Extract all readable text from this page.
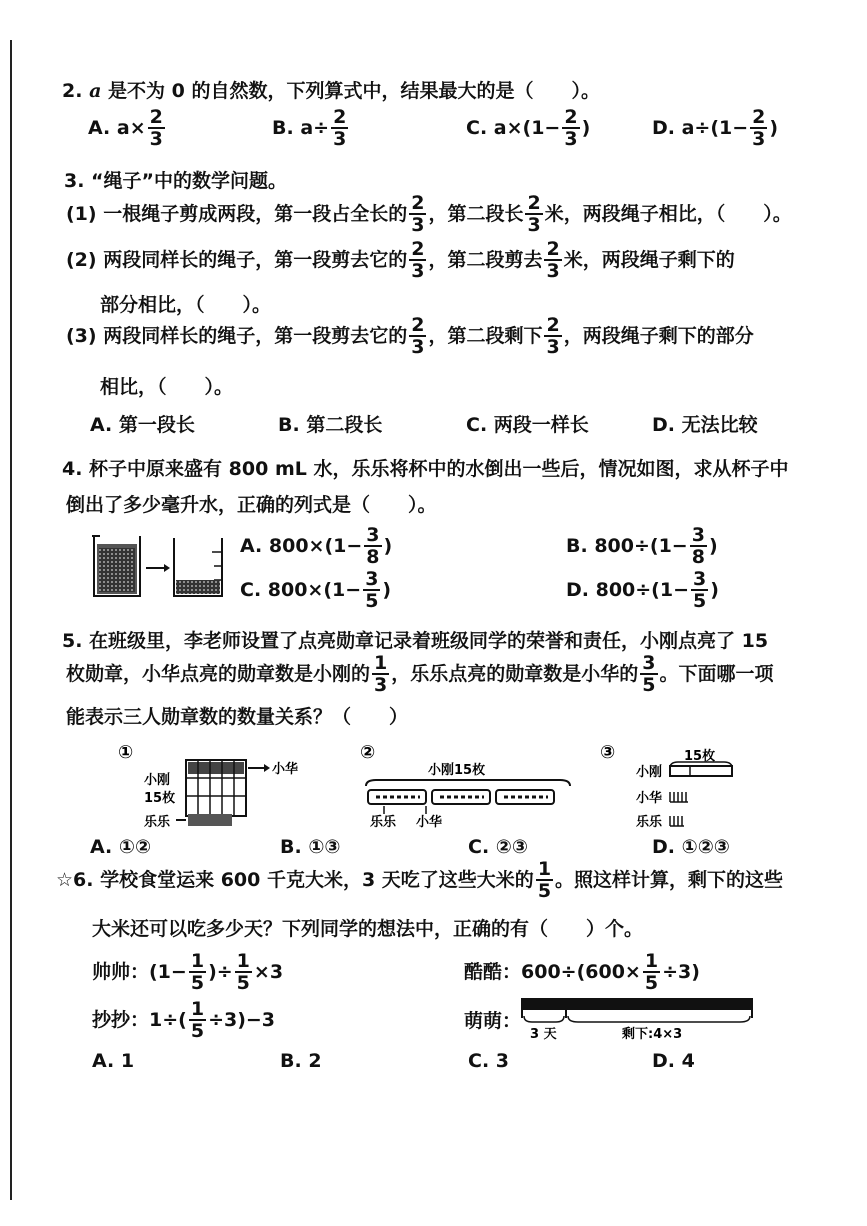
2. a 是不为 0 的自然数，下列算式中，结果最大的是（　　）。
A. $a\times \frac{2}{3}$	B. $a\div \frac{2}{3}$	C. $a\times(1- \frac{2}{3}$ )	D. $a\div(1- \frac{2}{3}$ )
3. “绳子”中的数学问题。
(1) 一根绳子剪成两段，第一段占全长的 $\frac{2}{3}$ ，第二段长 $\frac{2}{3}$ 米，两段绳子相比，（　　）。
(2) 两段同样长的绳子，第一段剪去它的 $\frac{2}{3}$ ，第二段剪去 $\frac{2}{3}$ 米，两段绳子剩下的
部分相比，（　　）。
(3) 两段同样长的绳子，第一段剪去它的 $\frac{2}{3}$ ，第二段剩下 $\frac{2}{3}$ ，两段绳子剩下的部分
相比，（　　）。
A. 第一段长	B. 第二段长	C. 两段一样长	D. 无法比较
4. 杯子中原来盛有 800 mL 水，乐乐将杯中的水倒出一些后，情况如图，求从杯子中
倒出了多少毫升水，正确的列式是（　　）。
A. $800\times(1- \frac{3}{8}$ )	B. $800\div(1- \frac{3}{8}$ )
C. $800\times(1- \frac{3}{5}$ )	D. $800\div(1- \frac{3}{5}$ )
5. 在班级里，李老师设置了点亮勋章记录着班级同学的荣誉和责任，小刚点亮了 15
枚勋章，小华点亮的勋章数是小刚的 $\frac{1}{3}$ ，乐乐点亮的勋章数是小华的 $\frac{3}{5}$ 。下面哪一项
能表示三人勋章数的数量关系？（　　）
①
小刚
15枚
小华
乐乐
②
小刚15枚
乐乐 小华
③	15枚
小刚
小华
乐乐
A. ①②	B. ①③	C. ②③	D. ①②③
☆6. 学校食堂运来 600 千克大米，3 天吃了这些大米的 $\frac{1}{5}$ 。照这样计算，剩下的这些
大米还可以吃多少天？下列同学的想法中，正确的有（　　）个。
帅帅：($1- \frac{1}{5}$ )÷ $\frac{1}{5} \times 3$	酷酷：$600\div(600\times \frac{1}{5} \div 3)$
抄抄：$1\div( \frac{1}{5} \div 3)-3$	萌萌：
3 天	剩下:4×3
A. 1	B. 2	C. 3	D. 4
